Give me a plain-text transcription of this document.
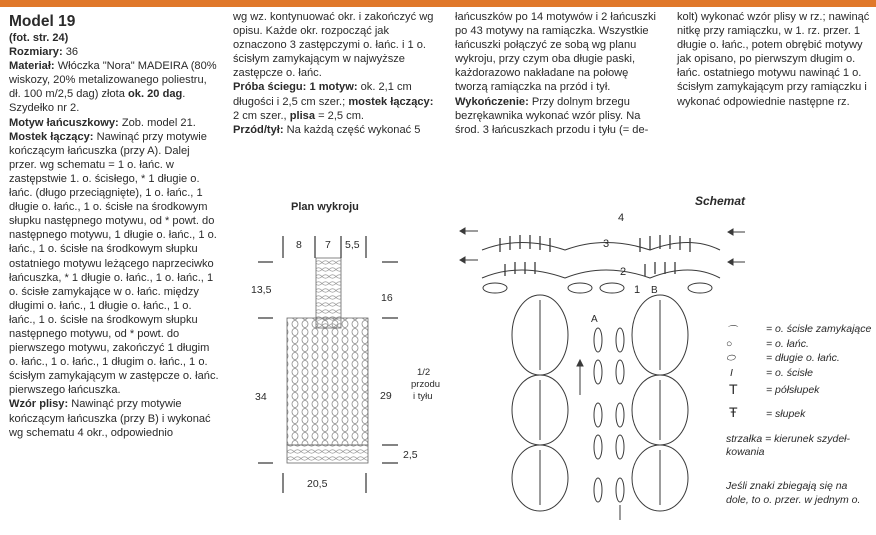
Model 19

(fot. str. 24)

Rozmiary: 36

Materiał: Włóczka "Nora" MADEIRA (80% wiskozy, 20% metalizowanego poliestru, dł. 100 m/2,5 dag) złota ok. 20 dag. Szydełko nr 2.

Motyw łańcuszkowy: Zob. model 21.

Mostek łączący: Nawinąć przy motywie kończącym łańcuszka (przy A). Dalej przer. wg schematu = 1 o. łańc. w zastępstwie 1. o. ścisłego, * 1 długie o. łańc. (długo przeciągnięte), 1 o. łańc., 1 długie o. łańc., 1 o. ścisłe na środkowym słupku następnego motywu, od * powt. do następnego motywu, 1 długie o. łańc., 1 o. łańc., 1 o. ścisłe na środkowym słupku ostatniego motywu leżącego naprzeciwko łańcuszka, * 1 długie o. łańc., 1 o. łańc., 1 o. ścisłe zamykające w o. łańc. między długimi o. łańc., 1 długie o. łańc., 1 o. łańc., 1 o. ścisłe na środkowym słupku następnego motywu, od * powt. do pierwszego motywu, zakończyć 1 długim o. łańc., 1 o. łańc., 1 długim o. łańc., 1 o. ścisłym zamykającym w zastępcze o. łańc. pierwszego łańcuszka.

Wzór plisy: Nawinąć przy motywie kończącym łańcuszka (przy B) i wykonać wg schematu 4 okr., odpowiednio

wg wz. kontynuować okr. i zakończyć wg opisu. Każde okr. rozpocząć jak oznaczono 3 zastępczymi o. łańc. i 1 o. ścisłym zamykającym w najwyższe zastępcze o. łańc.

Próba ściegu: 1 motyw: ok. 2,1 cm długości i 2,5 cm szer.; mostek łączący: 2 cm szer., plisa = 2,5 cm.

Przód/tył: Na każdą część wykonać 5

łańcuszków po 14 motywów i 2 łańcuszki po 43 motywy na ramiączka. Wszystkie łańcuszki połączyć ze sobą wg planu wykroju, przy czym oba długie paski, każdorazowo nakładane na połowę tworzą ramiączka na przód i tył.

Wykończenie: Przy dolnym brzegu bezrękawnika wykonać wzór plisy. Na środ. 3 łańcuszkach przodu i tyłu (= de-

kolt) wykonać wzór plisy w rz.; nawinąć nitkę przy ramiączku, w 1. rz. przer. 1 długie o. łańc., potem obrębić motywy jak opisano, po pierwszym długim o. łańc. ostatniego motywu nawinąć 1 o. ścisłym zamykającym przy ramiączku i wykonać odpowiednie następne rz.

Plan wykroju
8 7 5,5
13,5
34
16
29
1/2
przodu
i tyłu
2,5
20,5
Schemat
4
3
2
1
A
B
⌒	= o. ścisłe zamykające
○	= o. łańc.
⬭	= długie o. łańc.
I	= o. ścisłe
T	= półsłupek
Ŧ	= słupek
strzałka = kierunek szydeł-
kowania
Jeśli znaki zbiegają się na
dole, to o. przer. w jednym o.
